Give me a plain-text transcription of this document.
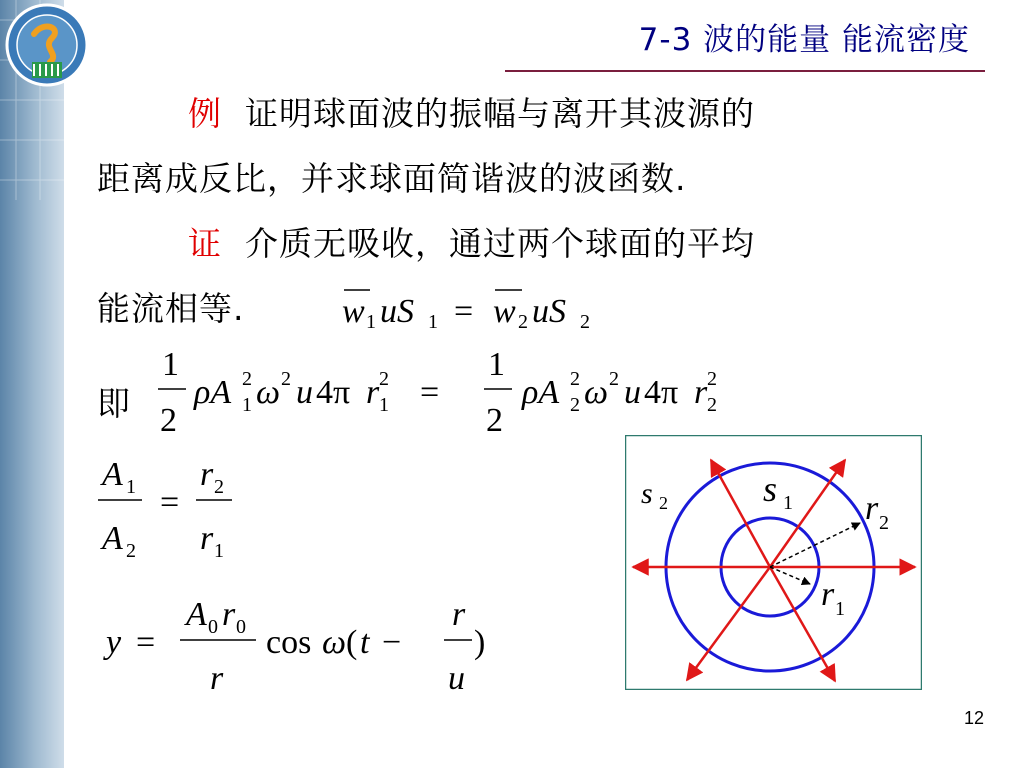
7-3 波的能量 能流密度
例 证明球面波的振幅与离开其波源的
距离成反比，并求球面简谐波的波函数.
证 介质无吸收，通过两个球面的平均
能流相等.	w 1 uS 1 = w 2 uS 2
即
1
2
ρA 2
1 ω 2 u 4π r 2
1 =
1
2
ρA 2
2 ω 2 u 4π r 2
2
A 1
A 2
=
r 2
r 1
y =
A 0 r 0
r
cos ω ( t −
r
u
)
s 2	s 1 r 2
r 1
12
